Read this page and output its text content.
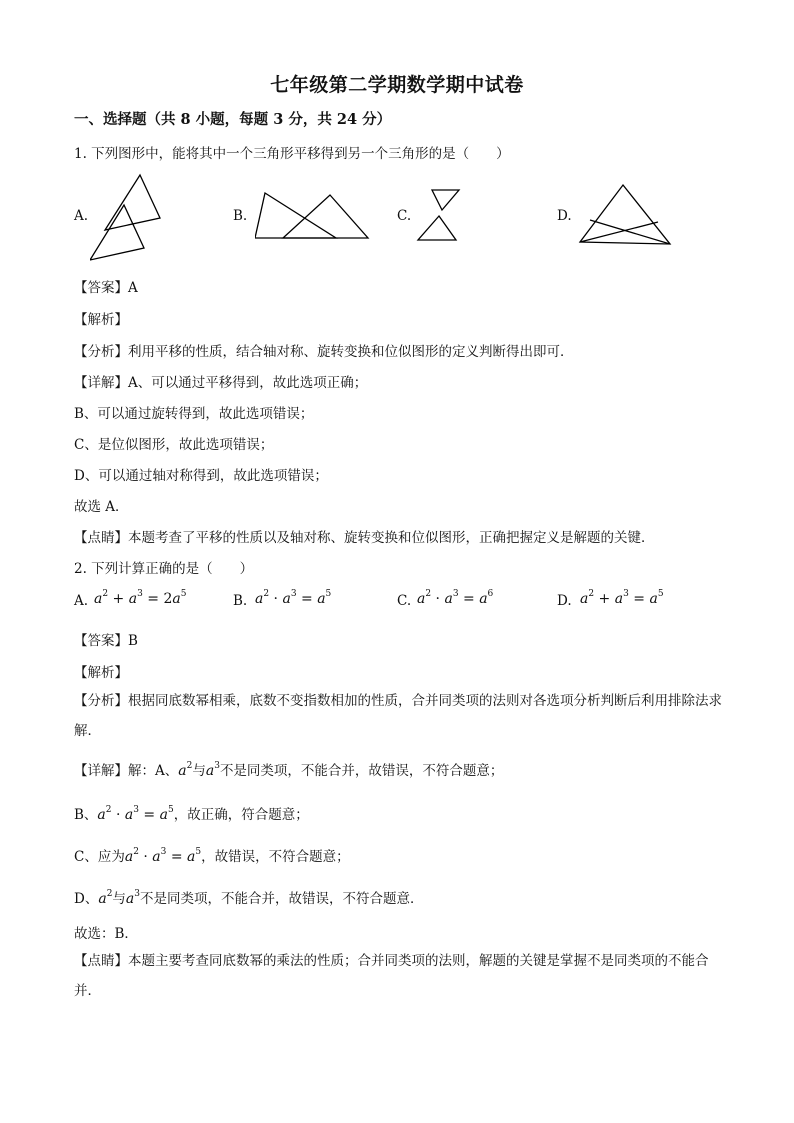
七年级第二学期数学期中试卷
一、选择题（共 8 小题，每题 3 分，共 24 分）
1. 下列图形中，能将其中一个三角形平移得到另一个三角形的是（　　）
A.	B.	C.	D.
【答案】A
【解析】
【分析】利用平移的性质，结合轴对称、旋转变换和位似图形的定义判断得出即可．
【详解】A、可以通过平移得到，故此选项正确；
B、可以通过旋转得到，故此选项错误；
C、是位似图形，故此选项错误；
D、可以通过轴对称得到，故此选项错误；
故选 A．
【点睛】本题考查了平移的性质以及轴对称、旋转变换和位似图形，正确把握定义是解题的关键．
2. 下列计算正确的是（　　）
A. $a^2 + a^3 = 2a^5$	B. $a^2 \cdot a^3 = a^5$	C. $a^2 \cdot a^3 = a^6$	D. $a^2 + a^3 = a^5$
【答案】B
【解析】
【分析】根据同底数幂相乘，底数不变指数相加的性质，合并同类项的法则对各选项分析判断后利用排除法求解．
【详解】解：A、$a^2$与$a^3$不是同类项，不能合并，故错误，不符合题意；
B、$a^2 \cdot a^3 = a^5$，故正确，符合题意；
C、应为$a^2 \cdot a^3 = a^5$，故错误，不符合题意；
D、$a^2$与$a^3$不是同类项，不能合并，故错误，不符合题意．
故选：B．
【点睛】本题主要考查同底数幂的乘法的性质；合并同类项的法则，解题的关键是掌握不是同类项的不能合并．
